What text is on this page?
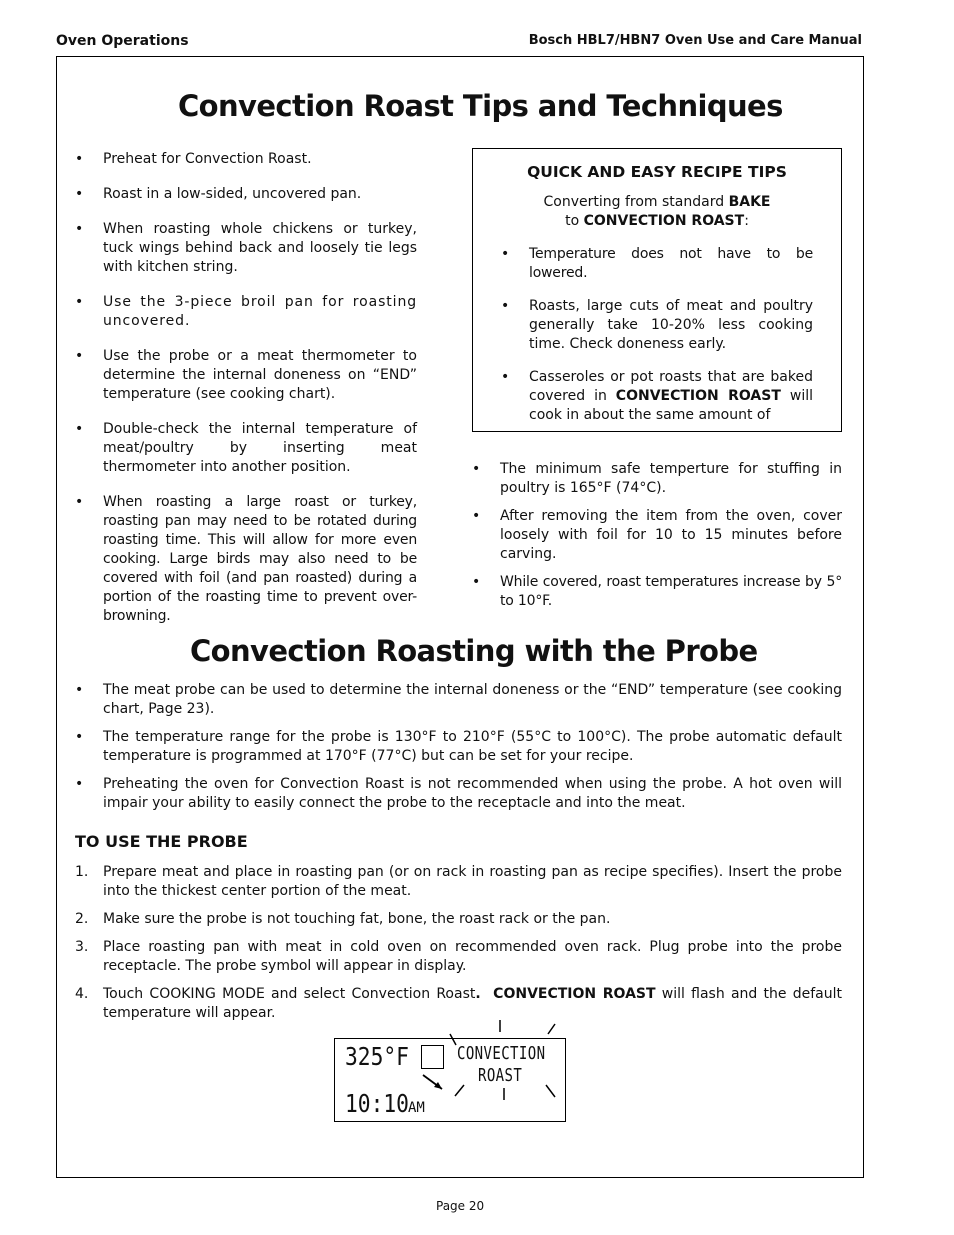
Oven Operations	Bosch HBL7/HBN7 Oven Use and Care Manual
Convection Roast Tips and Techniques
• Preheat for Convection Roast.
• Roast in a low-sided, uncovered pan.
• When roasting whole chickens or turkey, tuck wings behind back and loosely tie legs with kitchen string.
• Use the 3-piece broil pan for roasting uncovered.
• Use the probe or a meat thermometer to determine the internal doneness on “END” temperature (see cooking chart).
• Double-check the internal temperature of meat/poultry by inserting meat thermometer into another position.
• When roasting a large roast or turkey, roasting pan may need to be rotated during roasting time. This will allow for more even cooking. Large birds may also need to be covered with foil (and pan roasted) during a portion of the roasting time to prevent over-browning.
QUICK AND EASY RECIPE TIPS
Converting from standard BAKE
to CONVECTION ROAST:
• Temperature does not have to be lowered.
• Roasts, large cuts of meat and poultry generally take 10-20% less cooking time. Check doneness early.
• Casseroles or pot roasts that are baked covered in CONVECTION ROAST will cook in about the same amount of
• The minimum safe temperture for stuffing in poultry is 165°F (74°C).
• After removing the item from the oven, cover loosely with foil for 10 to 15 minutes before carving.
• While covered, roast temperatures increase by 5° to 10°F.
Convection Roasting with the Probe
• The meat probe can be used to determine the internal doneness or the “END” temperature (see cooking chart, Page 23).
• The temperature range for the probe is 130°F to 210°F (55°C to 100°C). The probe automatic default temperature is programmed at 170°F (77°C) but can be set for your recipe.
• Preheating the oven for Convection Roast is not recommended when using the probe. A hot oven will impair your ability to easily connect the probe to the receptacle and into the meat.
TO USE THE PROBE
1. Prepare meat and place in roasting pan (or on rack in roasting pan as recipe specifies). Insert the probe into the thickest center portion of the meat.
2. Make sure the probe is not touching fat, bone, the roast rack or the pan.
3. Place roasting pan with meat in cold oven on recommended oven rack. Plug probe into the probe receptacle. The probe symbol will appear in display.
4. Touch COOKING MODE and select Convection Roast. CONVECTION ROAST will flash and the default temperature will appear.
325°F	CONVECTION
ROAST
10:10 AM
Page 20
